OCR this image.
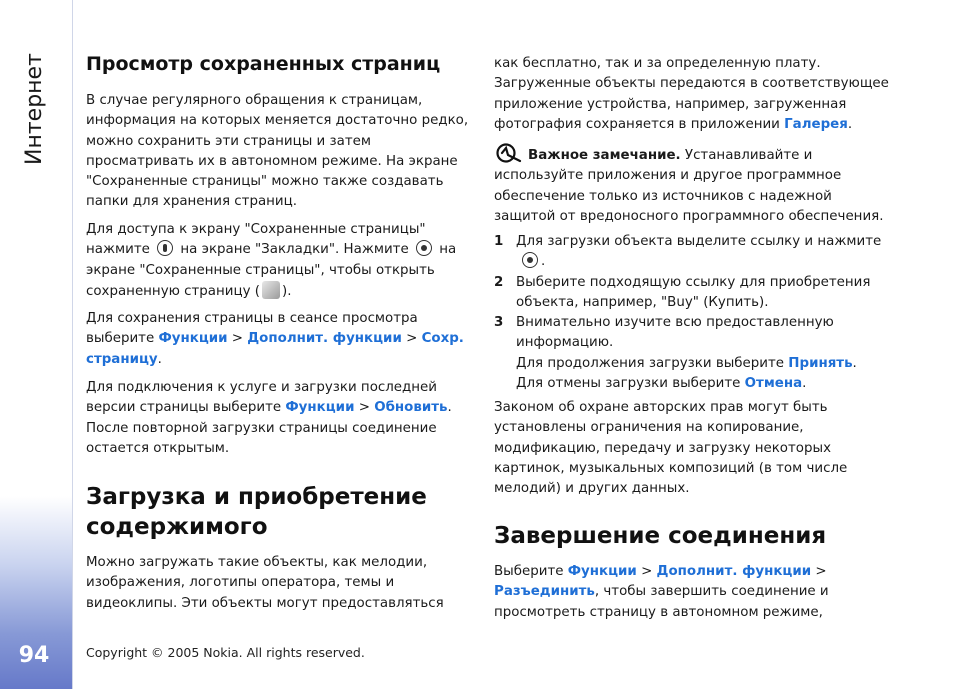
Интернет
94
Просмотр сохраненных страниц

В случае регулярного обращения к страницам, информация на которых меняется достаточно редко, можно сохранить эти страницы и затем просматривать их в автономном режиме. На экране "Сохраненные страницы" можно также создавать папки для хранения страниц.

Для доступа к экрану "Сохраненные страницы" нажмите на экране "Закладки". Нажмите на экране "Сохраненные страницы", чтобы открыть сохраненную страницу ( ).

Для сохранения страницы в сеансе просмотра выберите Функции > Дополнит. функции > Сохр. страницу.

Для подключения к услуге и загрузки последней версии страницы выберите Функции > Обновить. После повторной загрузки страницы соединение остается открытым.

Загрузка и приобретение содержимого

Можно загружать такие объекты, как мелодии, изображения, логотипы оператора, темы и видеоклипы. Эти объекты могут предоставляться

как бесплатно, так и за определенную плату. Загруженные объекты передаются в соответствующее приложение устройства, например, загруженная фотография сохраняется в приложении Галерея.

Важное замечание. Устанавливайте и используйте приложения и другое программное обеспечение только из источников с надежной защитой от вредоносного программного обеспечения.

1 Для загрузки объекта выделите ссылку и нажмите .
2 Выберите подходящую ссылку для приобретения объекта, например, "Buy" (Купить).
3 Внимательно изучите всю предоставленную информацию.
Для продолжения загрузки выберите Принять.
Для отмены загрузки выберите Отмена.

Законом об охране авторских прав могут быть установлены ограничения на копирование, модификацию, передачу и загрузку некоторых картинок, музыкальных композиций (в том числе мелодий) и других данных.

Завершение соединения

Выберите Функции > Дополнит. функции > Разъединить, чтобы завершить соединение и просмотреть страницу в автономном режиме,

Copyright © 2005 Nokia. All rights reserved.
